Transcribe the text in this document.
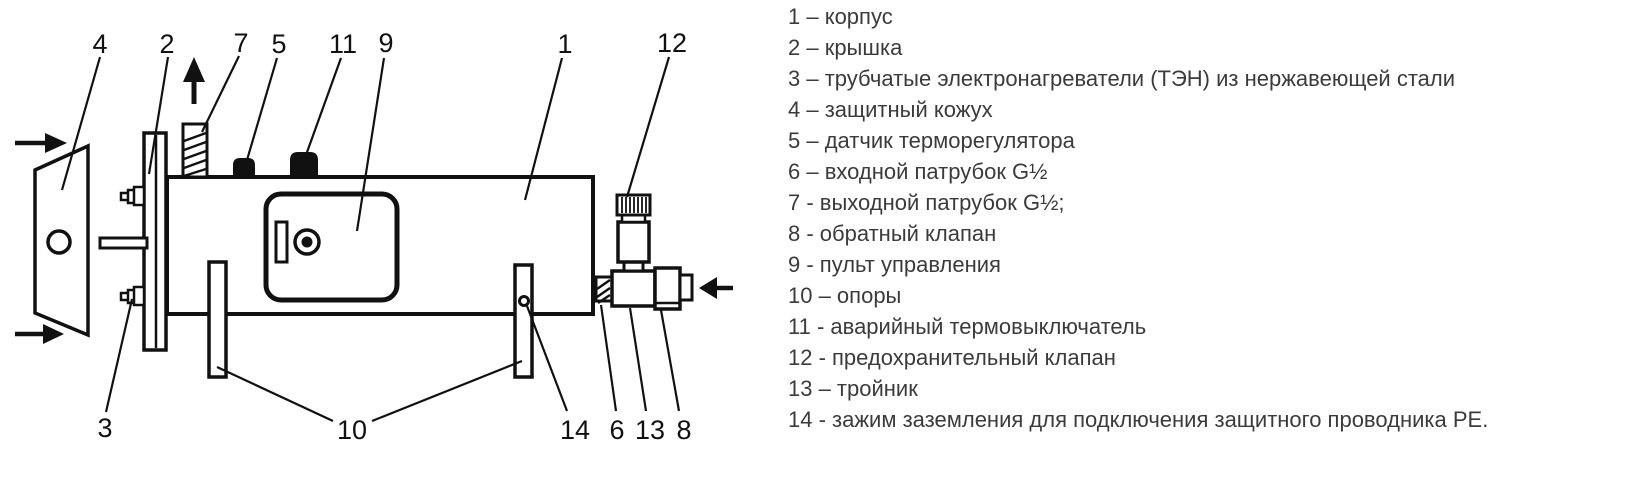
4 2 7 5 11 9	1	12
3	10	14 6 13 8
1 – корпус
2 – крышка
3 – трубчатые электронагреватели (ТЭН) из нержавеющей стали
4 – защитный кожух
5 – датчик терморегулятора
6 – входной патрубок G½
7 - выходной патрубок G½;
8 - обратный клапан
9 - пульт управления
10 – опоры
11 - аварийный термовыключатель
12 - предохранительный клапан
13 – тройник
14 - зажим заземления для подключения защитного проводника PE.
